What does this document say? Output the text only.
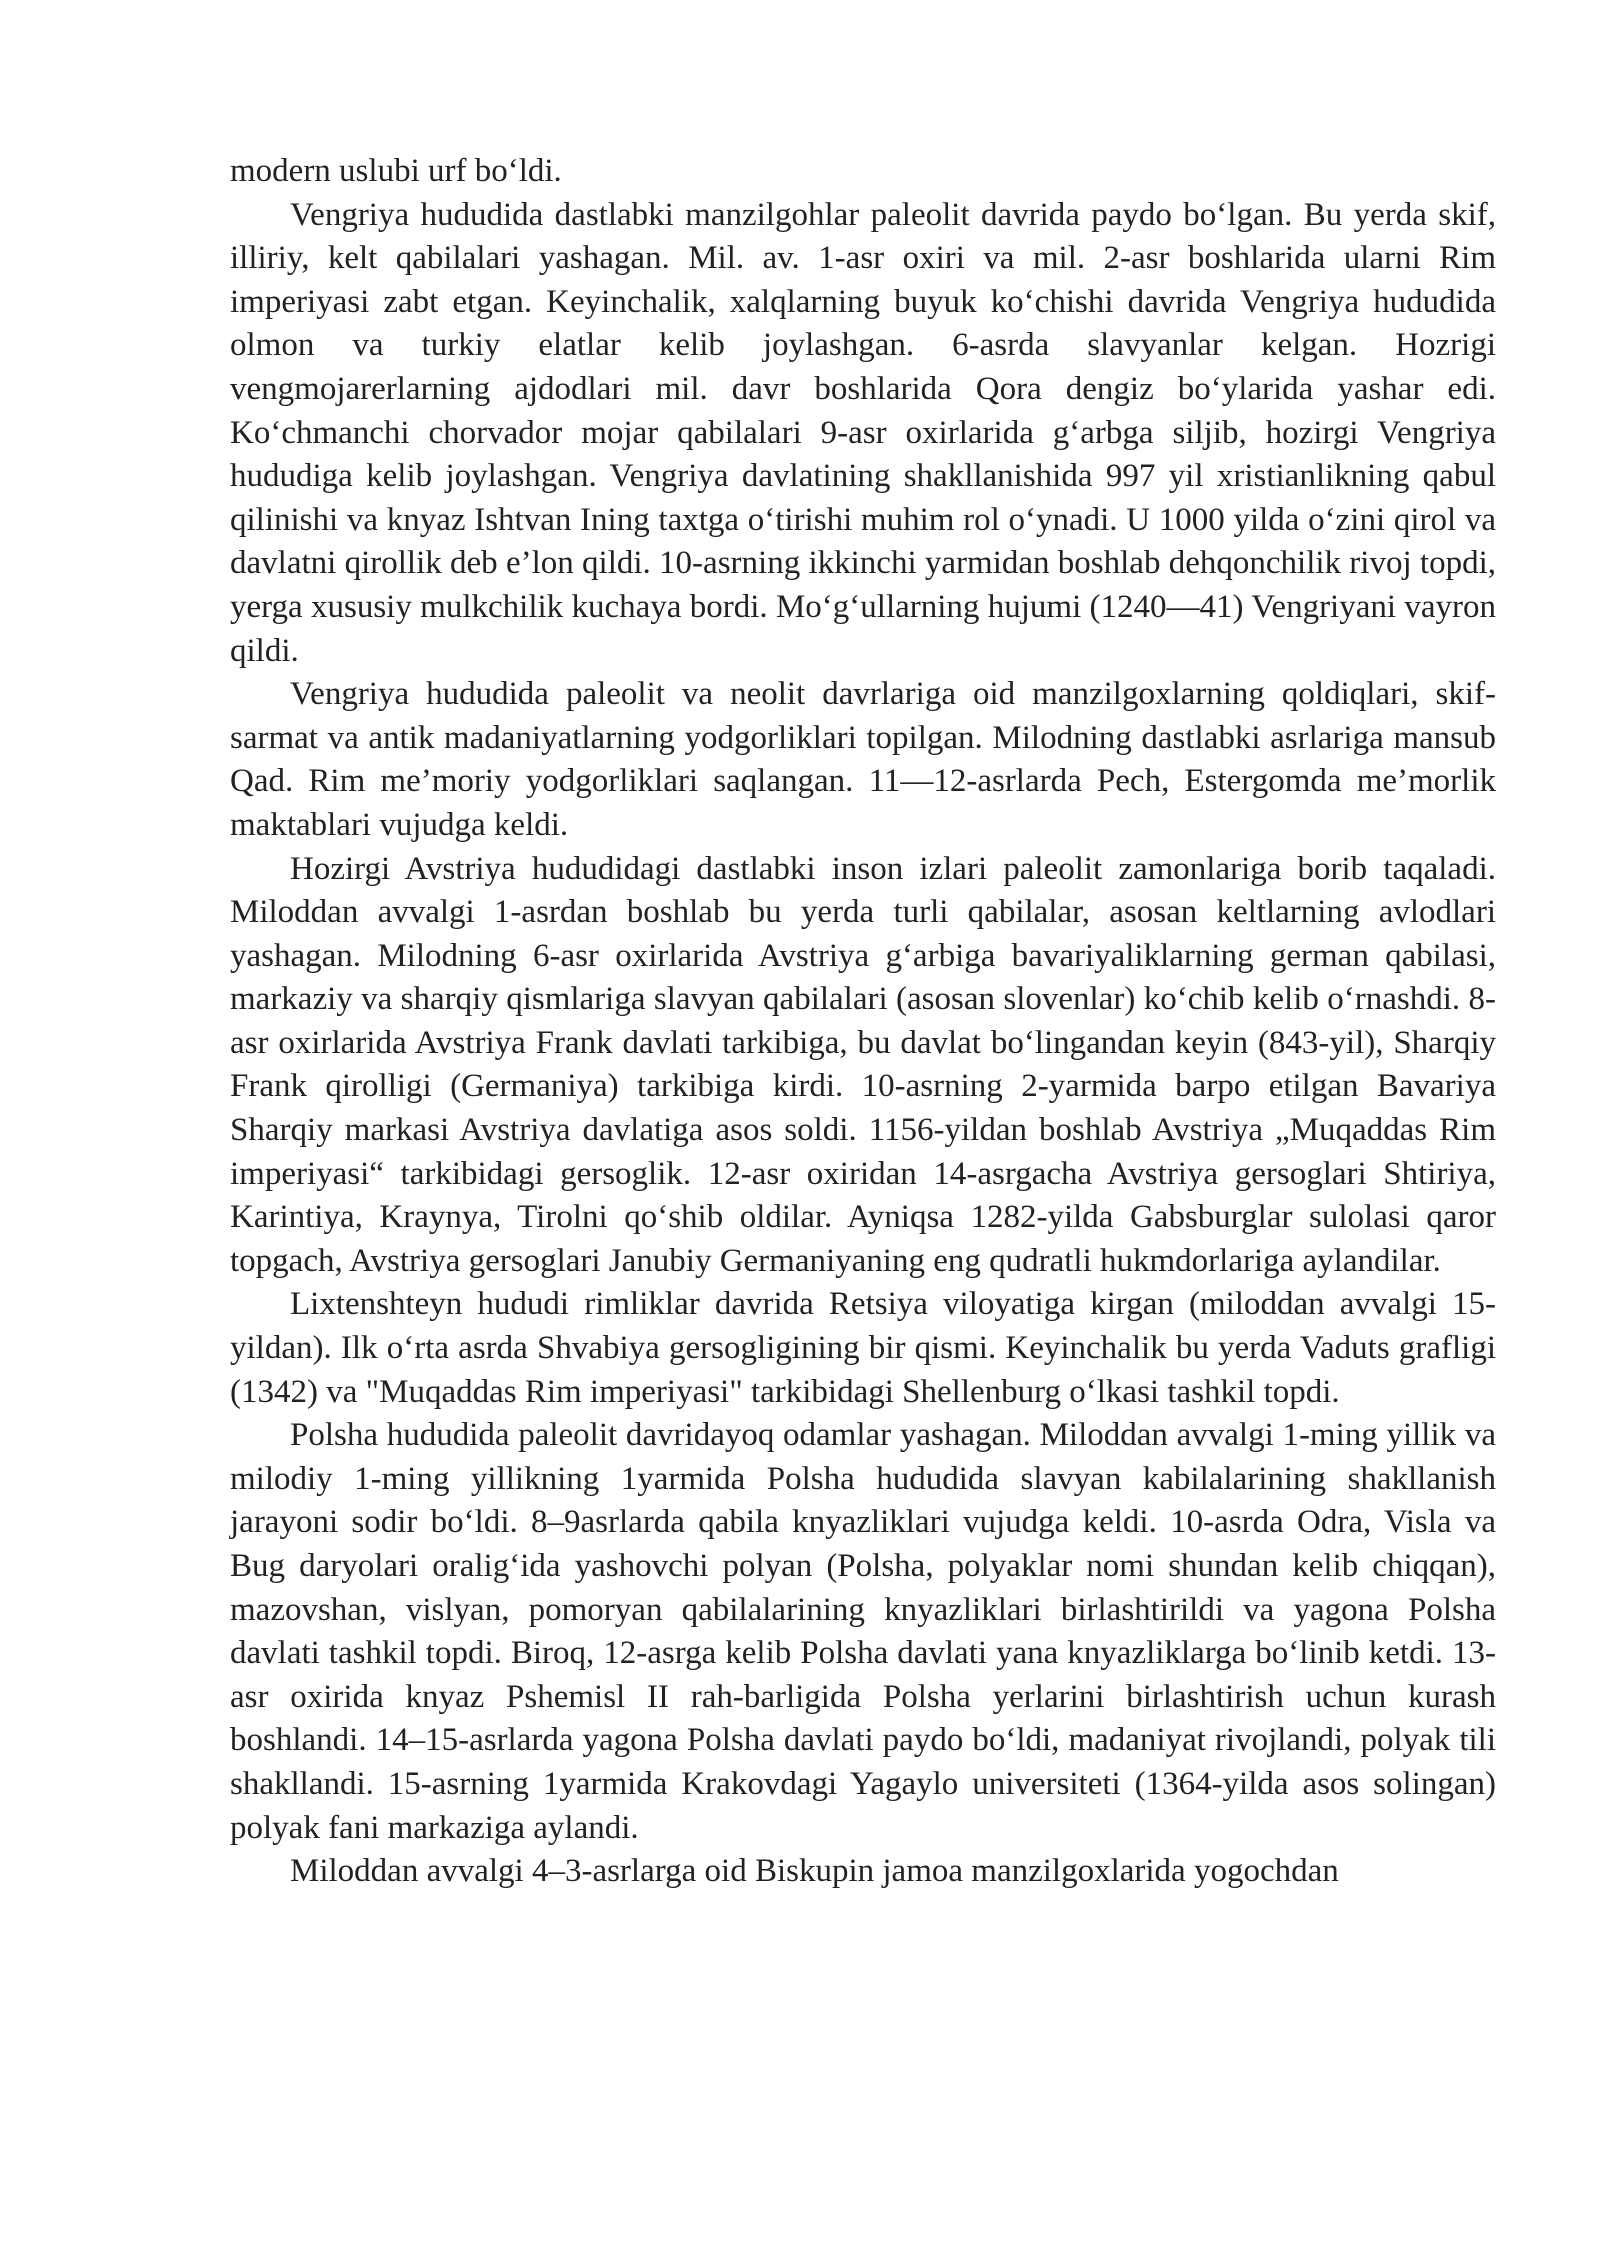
modern uslubi urf bo‘ldi.

Vengriya hududida dastlabki manzilgohlar paleolit davrida paydo bo‘lgan. Bu yerda skif, illiriy, kelt qabilalari yashagan. Mil. av. 1-asr oxiri va mil. 2-asr boshlarida ularni Rim imperiyasi zabt etgan. Keyinchalik, xalqlarning buyuk ko‘chishi davrida Vengriya hududida olmon va turkiy elatlar kelib joylashgan. 6-asrda slavyanlar kelgan. Hozrigi vengmojarerlarning ajdodlari mil. davr boshlarida Qora dengiz bo‘ylarida yashar edi. Ko‘chmanchi chorvador mojar qabilalari 9-asr oxirlarida g‘arbga siljib, hozirgi Vengriya hududiga kelib joylashgan. Vengriya davlatining shakllanishida 997 yil xristianlikning qabul qilinishi va knyaz Ishtvan Ining taxtga o‘tirishi muhim rol o‘ynadi. U 1000 yilda o‘zini qirol va davlatni qirollik deb e’lon qildi. 10-asrning ikkinchi yarmidan boshlab dehqonchilik rivoj topdi, yerga xususiy mulkchilik kuchaya bordi. Mo‘g‘ullarning hujumi (1240—41) Vengriyani vayron qildi.

Vengriya hududida paleolit va neolit davrlariga oid manzilgoxlarning qoldiqlari, skif-sarmat va antik madaniyatlarning yodgorliklari topilgan. Milodning dastlabki asrlariga mansub Qad. Rim me’moriy yodgorliklari saqlangan. 11—12-asrlarda Pech, Estergomda me’morlik maktablari vujudga keldi.

Hozirgi Avstriya hududidagi dastlabki inson izlari paleolit zamonlariga borib taqaladi. Miloddan avvalgi 1-asrdan boshlab bu yerda turli qabilalar, asosan keltlarning avlodlari yashagan. Milodning 6-asr oxirlarida Avstriya g‘arbiga bavariyaliklarning german qabilasi, markaziy va sharqiy qismlariga slavyan qabilalari (asosan slovenlar) ko‘chib kelib o‘rnashdi. 8-asr oxirlarida Avstriya Frank davlati tarkibiga, bu davlat bo‘lingandan keyin (843-yil), Sharqiy Frank qirolligi (Germaniya) tarkibiga kirdi. 10-asrning 2-yarmida barpo etilgan Bavariya Sharqiy markasi Avstriya davlatiga asos soldi. 1156-yildan boshlab Avstriya „Muqaddas Rim imperiyasi“ tarkibidagi gersoglik. 12-asr oxiridan 14-asrgacha Avstriya gersoglari Shtiriya, Karintiya, Kraynya, Tirolni qo‘shib oldilar. Ayniqsa 1282-yilda Gabsburglar sulolasi qaror topgach, Avstriya gersoglari Janubiy Germaniyaning eng qudratli hukmdorlariga aylandilar.

Lixtenshteyn hududi rimliklar davrida Retsiya viloyatiga kirgan (miloddan avvalgi 15-yildan). Ilk o‘rta asrda Shvabiya gersogligining bir qismi. Keyinchalik bu yerda Vaduts grafligi (1342) va "Muqaddas Rim imperiyasi" tarkibidagi Shellenburg o‘lkasi tashkil topdi.

Polsha hududida paleolit davridayoq odamlar yashagan. Miloddan avvalgi 1-ming yillik va milodiy 1-ming yillikning 1yarmida Polsha hududida slavyan kabilalarining shakllanish jarayoni sodir bo‘ldi. 8–9asrlarda qabila knyazliklari vujudga keldi. 10-asrda Odra, Visla va Bug daryolari oralig‘ida yashovchi polyan (Polsha, polyaklar nomi shundan kelib chiqqan), mazovshan, vislyan, pomoryan qabilalarining knyazliklari birlashtirildi va yagona Polsha davlati tashkil topdi. Biroq, 12-asrga kelib Polsha davlati yana knyazliklarga bo‘linib ketdi. 13-asr oxirida knyaz Pshemisl II rah-barligida Polsha yerlarini birlashtirish uchun kurash boshlandi. 14–15-asrlarda yagona Polsha davlati paydo bo‘ldi, madaniyat rivojlandi, polyak tili shakllandi. 15-asrning 1yarmida Krakovdagi Yagaylo universiteti (1364-yilda asos solingan) polyak fani markaziga aylandi.

Miloddan avvalgi 4–3-asrlarga oid Biskupin jamoa manzilgoxlarida yogochdan
